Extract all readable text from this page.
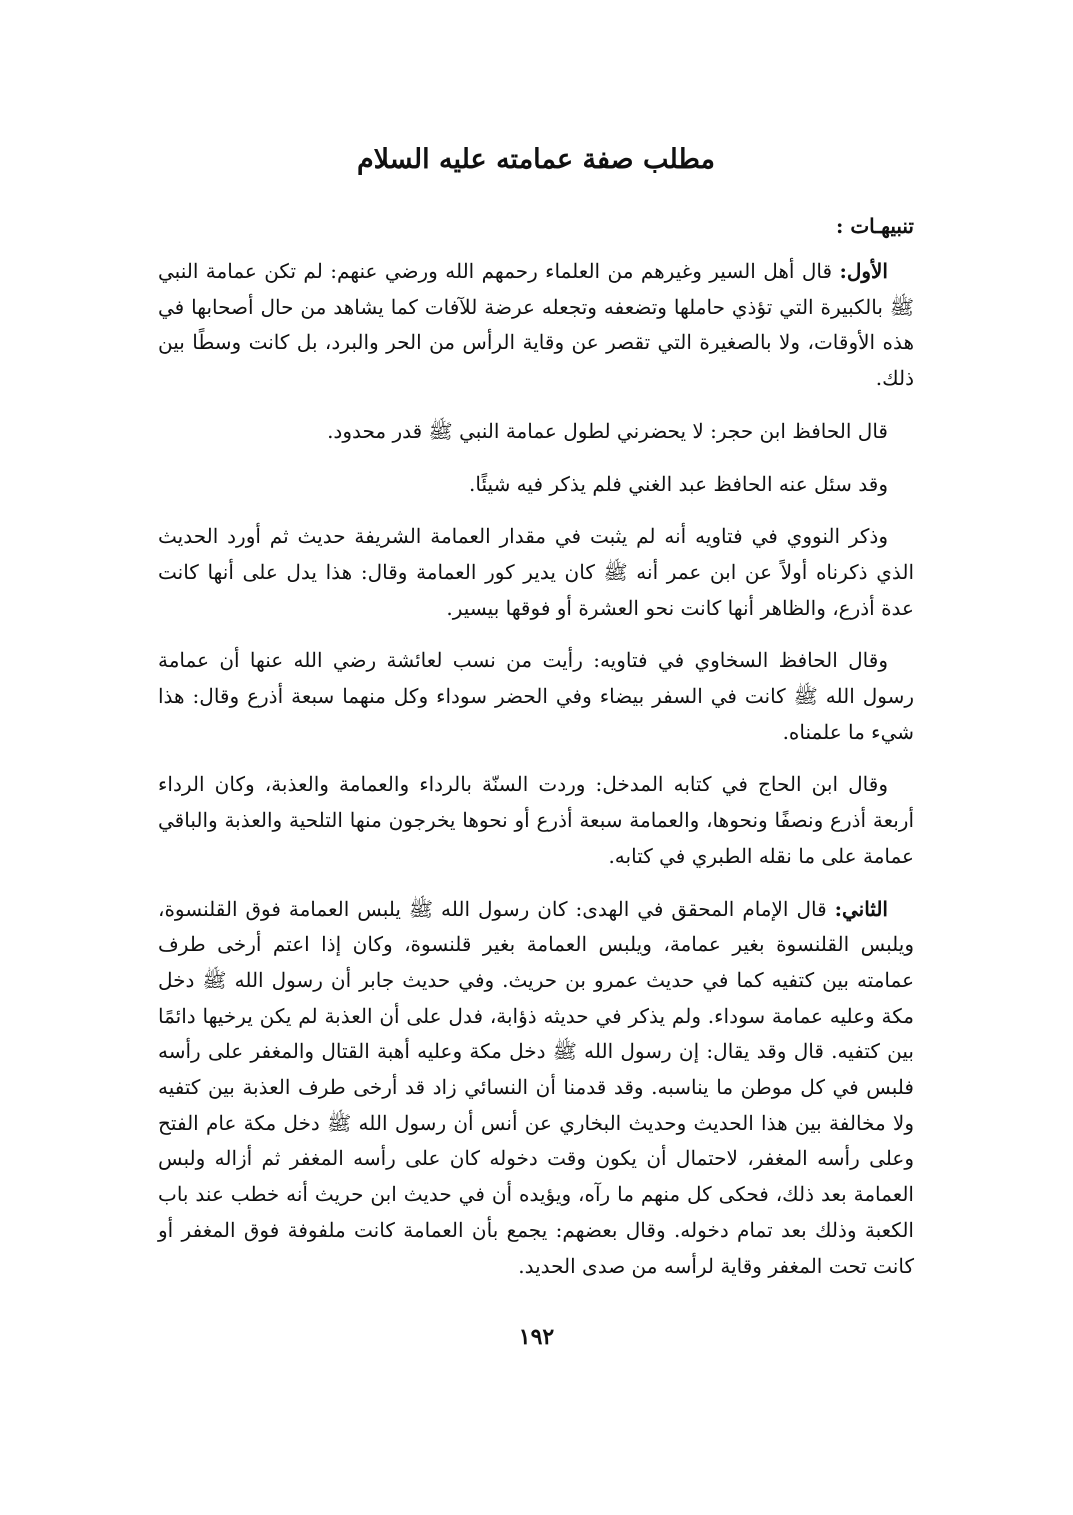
مطلب صفة عمامته عليه السلام
تنبيهـات :

الأول: قال أهل السير وغيرهم من العلماء رحمهم الله ورضي عنهم: لم تكن عمامة النبي ﷺ بالكبيرة التي تؤذي حاملها وتضعفه وتجعله عرضة للآفات كما يشاهد من حال أصحابها في هذه الأوقات، ولا بالصغيرة التي تقصر عن وقاية الرأس من الحر والبرد، بل كانت وسطًا بين ذلك.

قال الحافظ ابن حجر: لا يحضرني لطول عمامة النبي ﷺ قدر محدود.

وقد سئل عنه الحافظ عبد الغني فلم يذكر فيه شيئًا.

وذكر النووي في فتاويه أنه لم يثبت في مقدار العمامة الشريفة حديث ثم أورد الحديث الذي ذكرناه أولاً عن ابن عمر أنه ﷺ كان يدير كور العمامة وقال: هذا يدل على أنها كانت عدة أذرع، والظاهر أنها كانت نحو العشرة أو فوقها بيسير.

وقال الحافظ السخاوي في فتاويه: رأيت من نسب لعائشة رضي الله عنها أن عمامة رسول الله ﷺ كانت في السفر بيضاء وفي الحضر سوداء وكل منهما سبعة أذرع وقال: هذا شيء ما علمناه.

وقال ابن الحاج في كتابه المدخل: وردت السنّة بالرداء والعمامة والعذبة، وكان الرداء أربعة أذرع ونصفًا ونحوها، والعمامة سبعة أذرع أو نحوها يخرجون منها التلحية والعذبة والباقي عمامة على ما نقله الطبري في كتابه.

الثاني: قال الإمام المحقق في الهدى: كان رسول الله ﷺ يلبس العمامة فوق القلنسوة، ويلبس القلنسوة بغير عمامة، ويلبس العمامة بغير قلنسوة، وكان إذا اعتم أرخى طرف عمامته بين كتفيه كما في حديث عمرو بن حريث. وفي حديث جابر أن رسول الله ﷺ دخل مكة وعليه عمامة سوداء. ولم يذكر في حديثه ذؤابة، فدل على أن العذبة لم يكن يرخيها دائمًا بين كتفيه. قال وقد يقال: إن رسول الله ﷺ دخل مكة وعليه أهبة القتال والمغفر على رأسه فلبس في كل موطن ما يناسبه. وقد قدمنا أن النسائي زاد قد أرخى طرف العذبة بين كتفيه ولا مخالفة بين هذا الحديث وحديث البخاري عن أنس أن رسول الله ﷺ دخل مكة عام الفتح وعلى رأسه المغفر، لاحتمال أن يكون وقت دخوله كان على رأسه المغفر ثم أزاله ولبس العمامة بعد ذلك، فحكى كل منهم ما رآه، ويؤيده أن في حديث ابن حريث أنه خطب عند باب الكعبة وذلك بعد تمام دخوله. وقال بعضهم: يجمع بأن العمامة كانت ملفوفة فوق المغفر أو كانت تحت المغفر وقاية لرأسه من صدى الحديد.

١٩٢
